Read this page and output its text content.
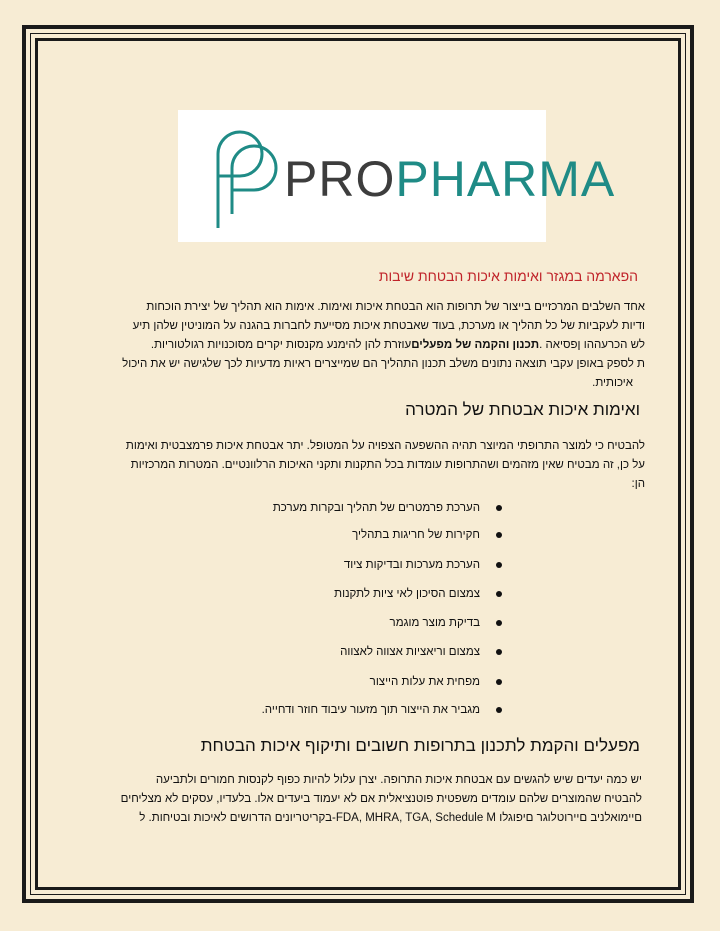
PROPHARMA
הפארמה במגזר ואימות איכות הבטחת שיבות
אחד השלבים המרכזיים בייצור של תרופות הוא הבטחת איכות ואימות. אימות הוא תהליך של יצירת הוכחות
ודיות לעקביות של כל תהליך או מערכת, בעוד שאבטחת איכות מסייעת לחברות בהגנה על המוניטין שלהן תיע
לש הכרעההו ןפסיאה .תכנון והקמה של מפעליםעוזרת להן להימנע מקנסות יקרים מסוכנויות רגולטוריות.
ת לספק באופן עקבי תוצאה נתונים משלב תכנון התהליך הם שמייצרים ראיות מדעיות לכך שלגישה יש את היכול
איכותית.
ואימות איכות אבטחת של המטרה
להבטיח כי למוצר התרופתי המיוצר תהיה ההשפעה הצפויה על המטופל. יתר אבטחת איכות פרמצבטית ואימות
על כן, זה מבטיח שאין מזהמים ושהתרופות עומדות בכל התקנות ותקני האיכות הרלוונטיים. המטרות המרכזיות
הן:
הערכת פרמטרים של תהליך ובקרות מערכת
חקירות של חריגות בתהליך
הערכת מערכות ובדיקות ציוד
צמצום הסיכון לאי ציות לתקנות
בדיקת מוצר מוגמר
צמצום וריאציות אצווה לאצווה
מפחית את עלות הייצור
מגביר את הייצור תוך מזעור עיבוד חוזר ודחייה.
מפעלים והקמת לתכנון בתרופות חשובים ותיקוף איכות הבטחת
יש כמה יעדים שיש להגשים עם אבטחת איכות התרופה. יצרן עלול להיות כפוף לקנסות חמורים ולתביעה
להבטיח שהמוצרים שלהם עומדים משפטית פוטנציאלית אם לא יעמוד ביעדים אלו. בלעדיו, עסקים לא מצליחים
םיימואלניב םיירוטלוגר םיפוגלו FDA, MHRA, TGA, Schedule M-בקריטריונים הדרושים לאיכות ובטיחות. ל
